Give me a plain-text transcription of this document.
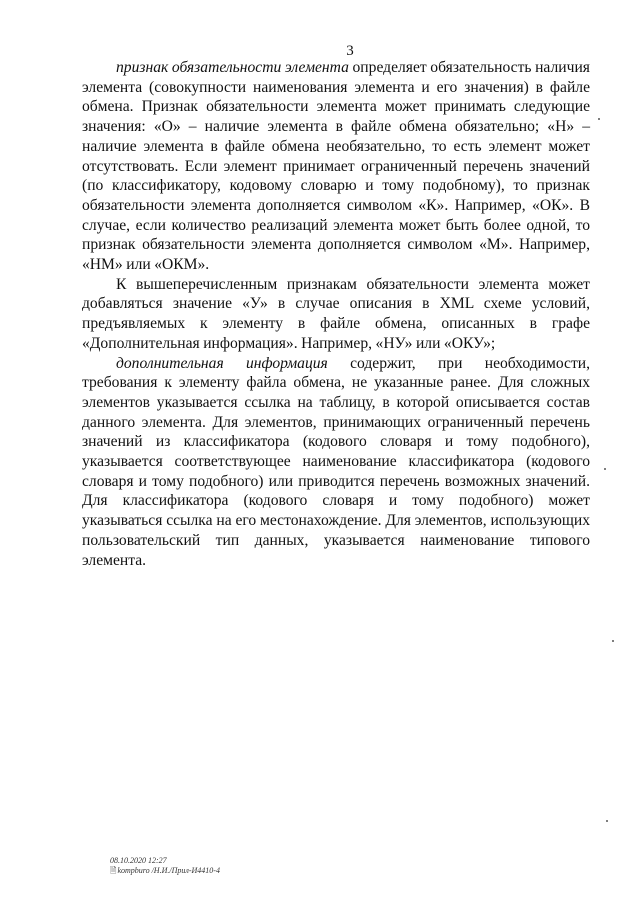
3

признак обязательности элемента определяет обязательность наличия элемента (совокупности наименования элемента и его значения) в файле обмена. Признак обязательности элемента может принимать следующие значения: «О» – наличие элемента в файле обмена обязательно; «Н» – наличие элемента в файле обмена необязательно, то есть элемент может отсутствовать. Если элемент принимает ограниченный перечень значений (по классификатору, кодовому словарю и тому подобному), то признак обязательности элемента дополняется символом «К». Например, «ОК». В случае, если количество реализаций элемента может быть более одной, то признак обязательности элемента дополняется символом «М». Например, «НМ» или «ОКМ».

К вышеперечисленным признакам обязательности элемента может добавляться значение «У» в случае описания в XML схеме условий, предъявляемых к элементу в файле обмена, описанных в графе «Дополнительная информация». Например, «НУ» или «ОКУ»;

дополнительная информация содержит, при необходимости, требования к элементу файла обмена, не указанные ранее. Для сложных элементов указывается ссылка на таблицу, в которой описывается состав данного элемента. Для элементов, принимающих ограниченный перечень значений из классификатора (кодового словаря и тому подобного), указывается соответствующее наименование классификатора (кодового словаря и тому подобного) или приводится перечень возможных значений. Для классификатора (кодового словаря и тому подобного) может указываться ссылка на его местонахождение. Для элементов, использующих пользовательский тип данных, указывается наименование типового элемента.

08.10.2020 12:27
🗎kompburo /Н.И./Прил-И4410-4
